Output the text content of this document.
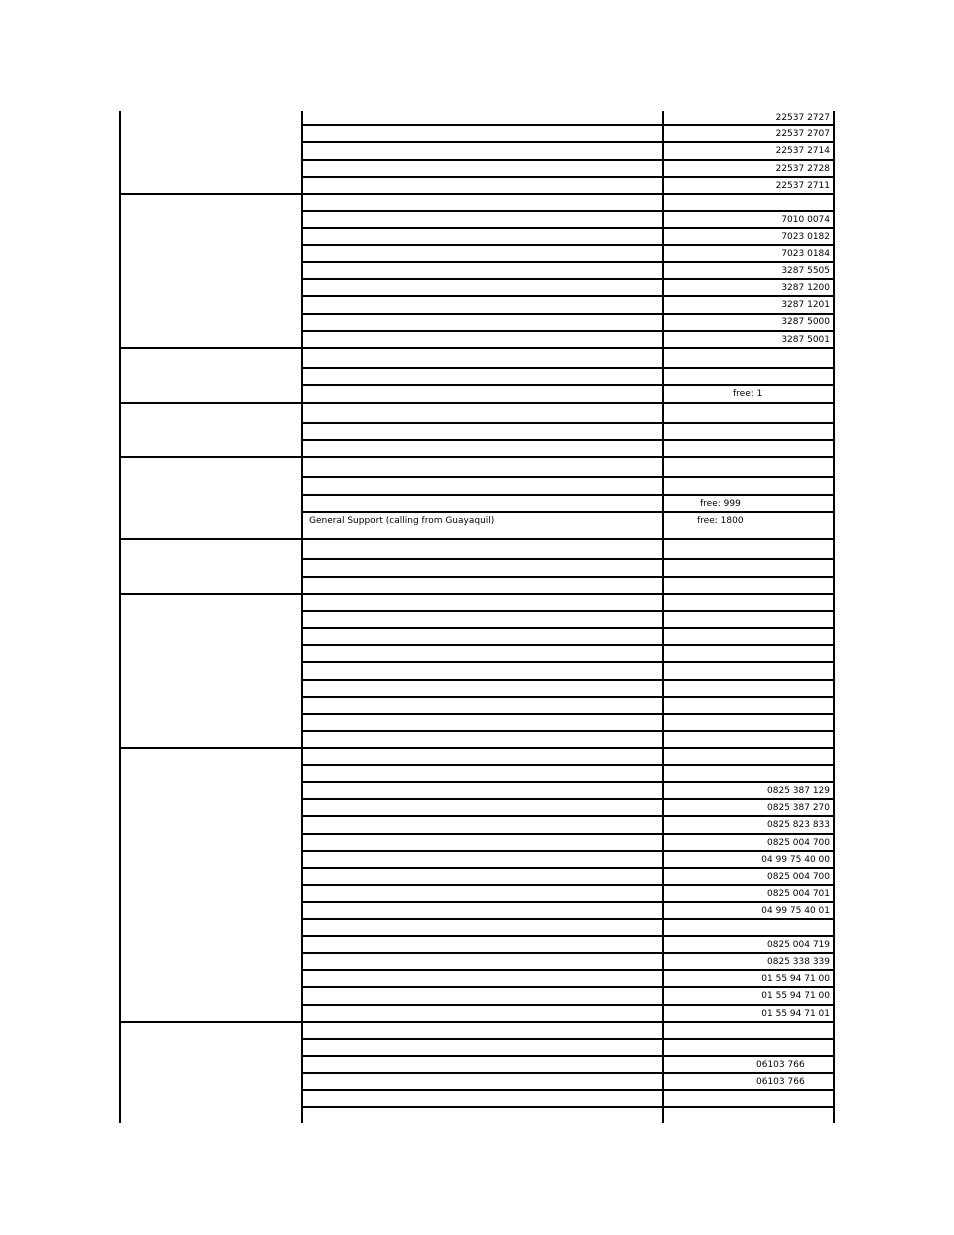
22537 2727
22537 2707
22537 2714
22537 2728
22537 2711
7010 0074
7023 0182
7023 0184
3287 5505
3287 1200
3287 1201
3287 5000
3287 5001
0825 387 129
0825 387 270
0825 823 833
0825 004 700
04 99 75 40 00
0825 004 700
0825 004 701
04 99 75 40 01
0825 004 719
0825 338 339
01 55 94 71 00
01 55 94 71 00
01 55 94 71 01
free: 1
free: 999
General Support (calling from Guayaquil)	free: 1800
06103 766
06103 766
